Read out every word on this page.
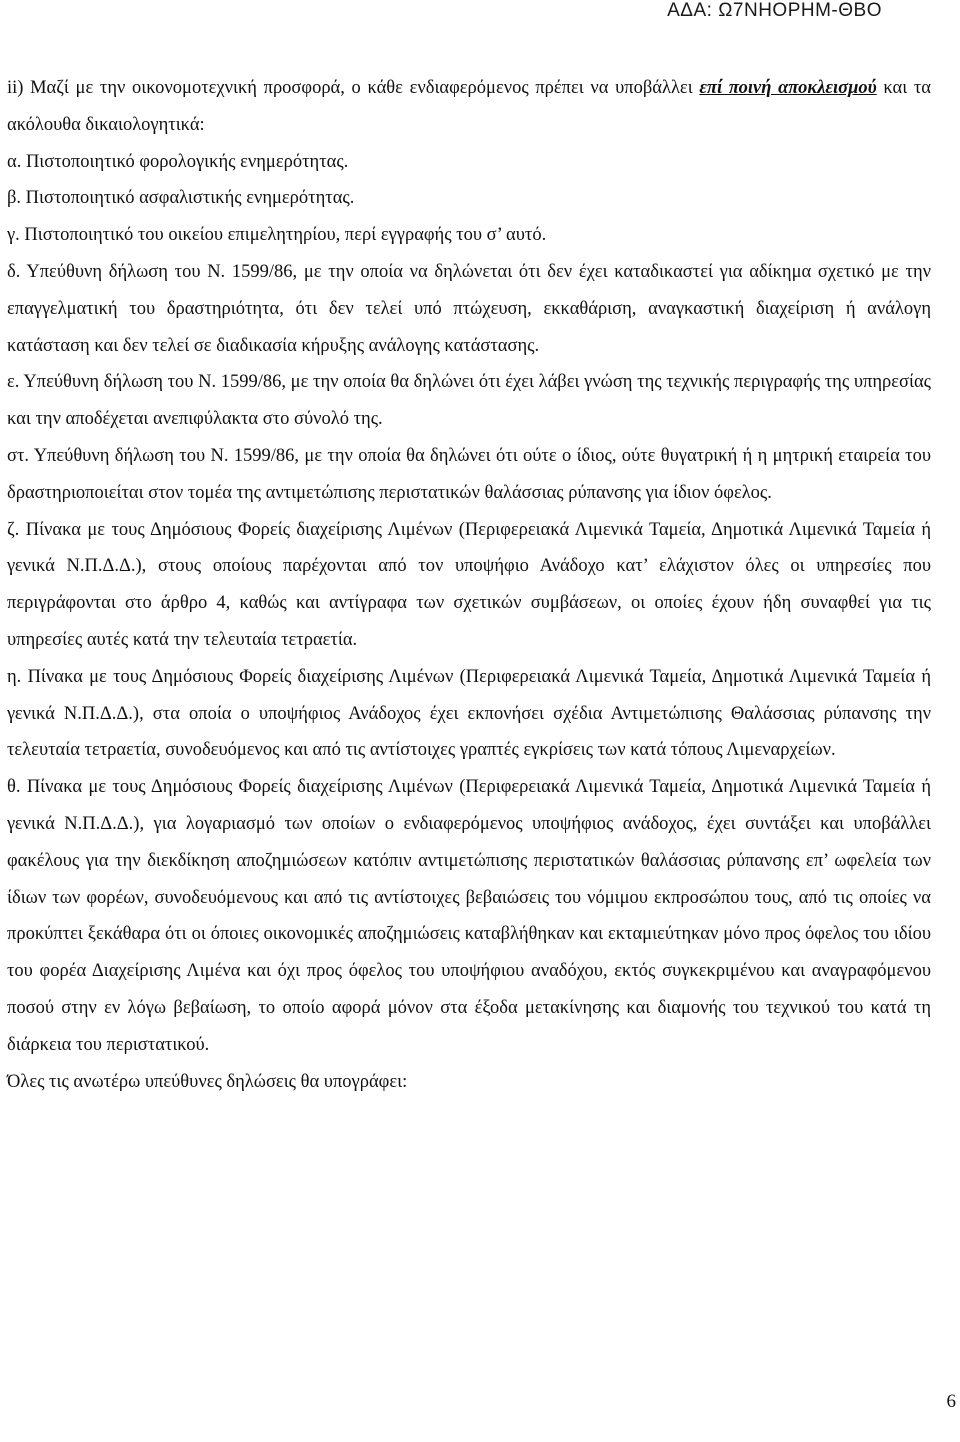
ΑΔΑ: Ω7ΝΗΟΡΗΜ-ΘΒΟ

ii) Μαζί με την οικονομοτεχνική προσφορά, ο κάθε ενδιαφερόμενος πρέπει να υποβάλλει επί ποινή αποκλεισμού και τα ακόλουθα δικαιολογητικά:

α. Πιστοποιητικό φορολογικής ενημερότητας.

β. Πιστοποιητικό ασφαλιστικής ενημερότητας.

γ. Πιστοποιητικό του οικείου επιμελητηρίου, περί εγγραφής του σ’ αυτό.

δ. Υπεύθυνη δήλωση του Ν. 1599/86, με την οποία να δηλώνεται ότι δεν έχει καταδικαστεί για αδίκημα σχετικό με την επαγγελματική του δραστηριότητα, ότι δεν τελεί υπό πτώχευση, εκκαθάριση, αναγκαστική διαχείριση ή ανάλογη κατάσταση και δεν τελεί σε διαδικασία κήρυξης ανάλογης κατάστασης.

ε. Υπεύθυνη δήλωση του Ν. 1599/86, με την οποία θα δηλώνει ότι έχει λάβει γνώση της τεχνικής περιγραφής της υπηρεσίας και την αποδέχεται ανεπιφύλακτα στο σύνολό της.

στ. Υπεύθυνη δήλωση του Ν. 1599/86, με την οποία θα δηλώνει ότι ούτε ο ίδιος, ούτε θυγατρική ή η μητρική εταιρεία του δραστηριοποιείται στον τομέα της αντιμετώπισης περιστατικών θαλάσσιας ρύπανσης για ίδιον όφελος.

ζ. Πίνακα με τους Δημόσιους Φορείς διαχείρισης Λιμένων (Περιφερειακά Λιμενικά Ταμεία, Δημοτικά Λιμενικά Ταμεία ή γενικά Ν.Π.Δ.Δ.), στους οποίους παρέχονται από τον υποψήφιο Ανάδοχο κατ’ ελάχιστον όλες οι υπηρεσίες που περιγράφονται στο άρθρο 4, καθώς και αντίγραφα των σχετικών συμβάσεων, οι οποίες έχουν ήδη συναφθεί για τις υπηρεσίες αυτές κατά την τελευταία τετραετία.

η. Πίνακα με τους Δημόσιους Φορείς διαχείρισης Λιμένων (Περιφερειακά Λιμενικά Ταμεία, Δημοτικά Λιμενικά Ταμεία ή γενικά Ν.Π.Δ.Δ.), στα οποία ο υποψήφιος Ανάδοχος έχει εκπονήσει σχέδια Αντιμετώπισης Θαλάσσιας ρύπανσης την τελευταία τετραετία, συνοδευόμενος και από τις αντίστοιχες γραπτές εγκρίσεις των κατά τόπους Λιμεναρχείων.

θ. Πίνακα με τους Δημόσιους Φορείς διαχείρισης Λιμένων (Περιφερειακά Λιμενικά Ταμεία, Δημοτικά Λιμενικά Ταμεία ή γενικά Ν.Π.Δ.Δ.), για λογαριασμό των οποίων ο ενδιαφερόμενος υποψήφιος ανάδοχος, έχει συντάξει και υποβάλλει φακέλους για την διεκδίκηση αποζημιώσεων κατόπιν αντιμετώπισης περιστατικών θαλάσσιας ρύπανσης επ’ ωφελεία των ίδιων των φορέων, συνοδευόμενους και από τις αντίστοιχες βεβαιώσεις του νόμιμου εκπροσώπου τους, από τις οποίες να προκύπτει ξεκάθαρα ότι οι όποιες οικονομικές αποζημιώσεις καταβλήθηκαν και εκταμιεύτηκαν μόνο προς όφελος του ιδίου του φορέα Διαχείρισης Λιμένα και όχι προς όφελος του υποψήφιου αναδόχου, εκτός συγκεκριμένου και αναγραφόμενου ποσού στην εν λόγω βεβαίωση, το οποίο αφορά μόνον στα έξοδα μετακίνησης και διαμονής του τεχνικού του κατά τη διάρκεια του περιστατικού.

Όλες τις ανωτέρω υπεύθυνες δηλώσεις θα υπογράφει:

6
